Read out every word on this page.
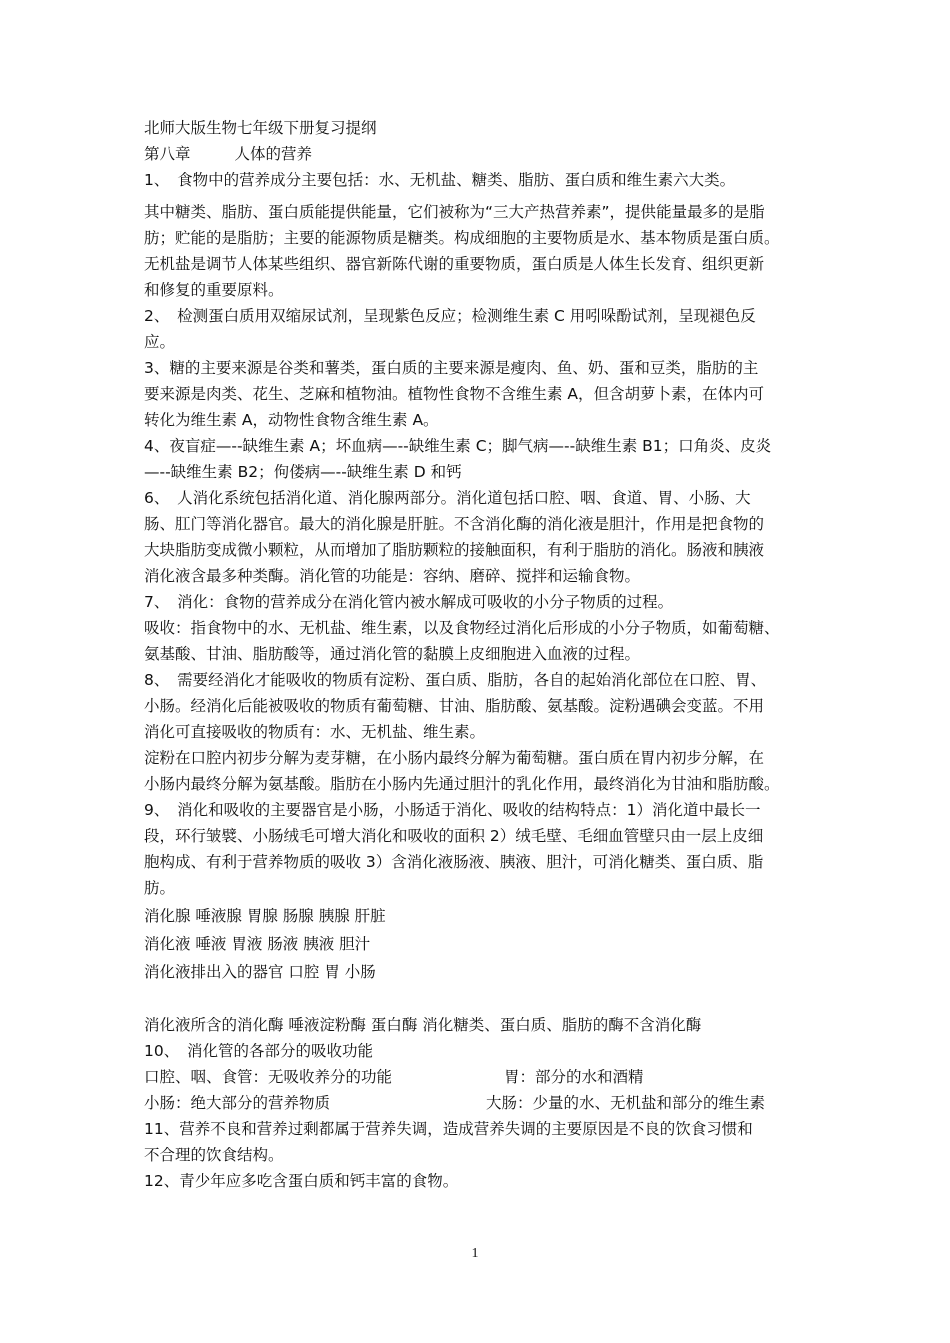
北师大版生物七年级下册复习提纲
第八章	人体的营养
1、　食物中的营养成分主要包括：水、无机盐、糖类、脂肪、蛋白质和维生素六大类。
其中糖类、脂肪、蛋白质能提供能量，它们被称为“三大产热营养素”，提供能量最多的是脂
肪；贮能的是脂肪；主要的能源物质是糖类。构成细胞的主要物质是水、基本物质是蛋白质。
无机盐是调节人体某些组织、器官新陈代谢的重要物质，蛋白质是人体生长发育、组织更新
和修复的重要原料。
2、　检测蛋白质用双缩尿试剂，呈现紫色反应；检测维生素 C 用吲哚酚试剂，呈现褪色反
应。
3、糖的主要来源是谷类和薯类，蛋白质的主要来源是瘦肉、鱼、奶、蛋和豆类，脂肪的主
要来源是肉类、花生、芝麻和植物油。植物性食物不含维生素 A，但含胡萝卜素，在体内可
转化为维生素 A，动物性食物含维生素 A。
4、夜盲症—--缺维生素 A；坏血病—--缺维生素 C；脚气病—--缺维生素 B1；口角炎、皮炎
—--缺维生素 B2；佝偻病—--缺维生素 D 和钙
6、　人消化系统包括消化道、消化腺两部分。消化道包括口腔、咽、食道、胃、小肠、大
肠、肛门等消化器官。最大的消化腺是肝脏。不含消化酶的消化液是胆汁，作用是把食物的
大块脂肪变成微小颗粒，从而增加了脂肪颗粒的接触面积，有利于脂肪的消化。肠液和胰液
消化液含最多种类酶。消化管的功能是：容纳、磨碎、搅拌和运输食物。
7、　消化：食物的营养成分在消化管内被水解成可吸收的小分子物质的过程。
吸收：指食物中的水、无机盐、维生素，以及食物经过消化后形成的小分子物质，如葡萄糖、
氨基酸、甘油、脂肪酸等，通过消化管的黏膜上皮细胞进入血液的过程。
8、　需要经消化才能吸收的物质有淀粉、蛋白质、脂肪，各自的起始消化部位在口腔、胃、
小肠。经消化后能被吸收的物质有葡萄糖、甘油、脂肪酸、氨基酸。淀粉遇碘会变蓝。不用
消化可直接吸收的物质有：水、无机盐、维生素。
淀粉在口腔内初步分解为麦芽糖，在小肠内最终分解为葡萄糖。蛋白质在胃内初步分解，在
小肠内最终分解为氨基酸。脂肪在小肠内先通过胆汁的乳化作用，最终消化为甘油和脂肪酸。
9、　消化和吸收的主要器官是小肠，小肠适于消化、吸收的结构特点：1）消化道中最长一
段，环行皱襞、小肠绒毛可增大消化和吸收的面积 2）绒毛壁、毛细血管壁只由一层上皮细
胞构成、有利于营养物质的吸收 3）含消化液肠液、胰液、胆汁，可消化糖类、蛋白质、脂
肪。
消化腺 唾液腺 胃腺 肠腺 胰腺 肝脏
消化液 唾液 胃液 肠液 胰液 胆汁
消化液排出入的器官 口腔 胃 小肠
消化液所含的消化酶 唾液淀粉酶 蛋白酶 消化糖类、蛋白质、脂肪的酶不含消化酶
10、　消化管的各部分的吸收功能
口腔、咽、食管：无吸收养分的功能	胃：部分的水和酒精
小肠：绝大部分的营养物质	大肠：少量的水、无机盐和部分的维生素
11、营养不良和营养过剩都属于营养失调，造成营养失调的主要原因是不良的饮食习惯和
不合理的饮食结构。
12、青少年应多吃含蛋白质和钙丰富的食物。
1
